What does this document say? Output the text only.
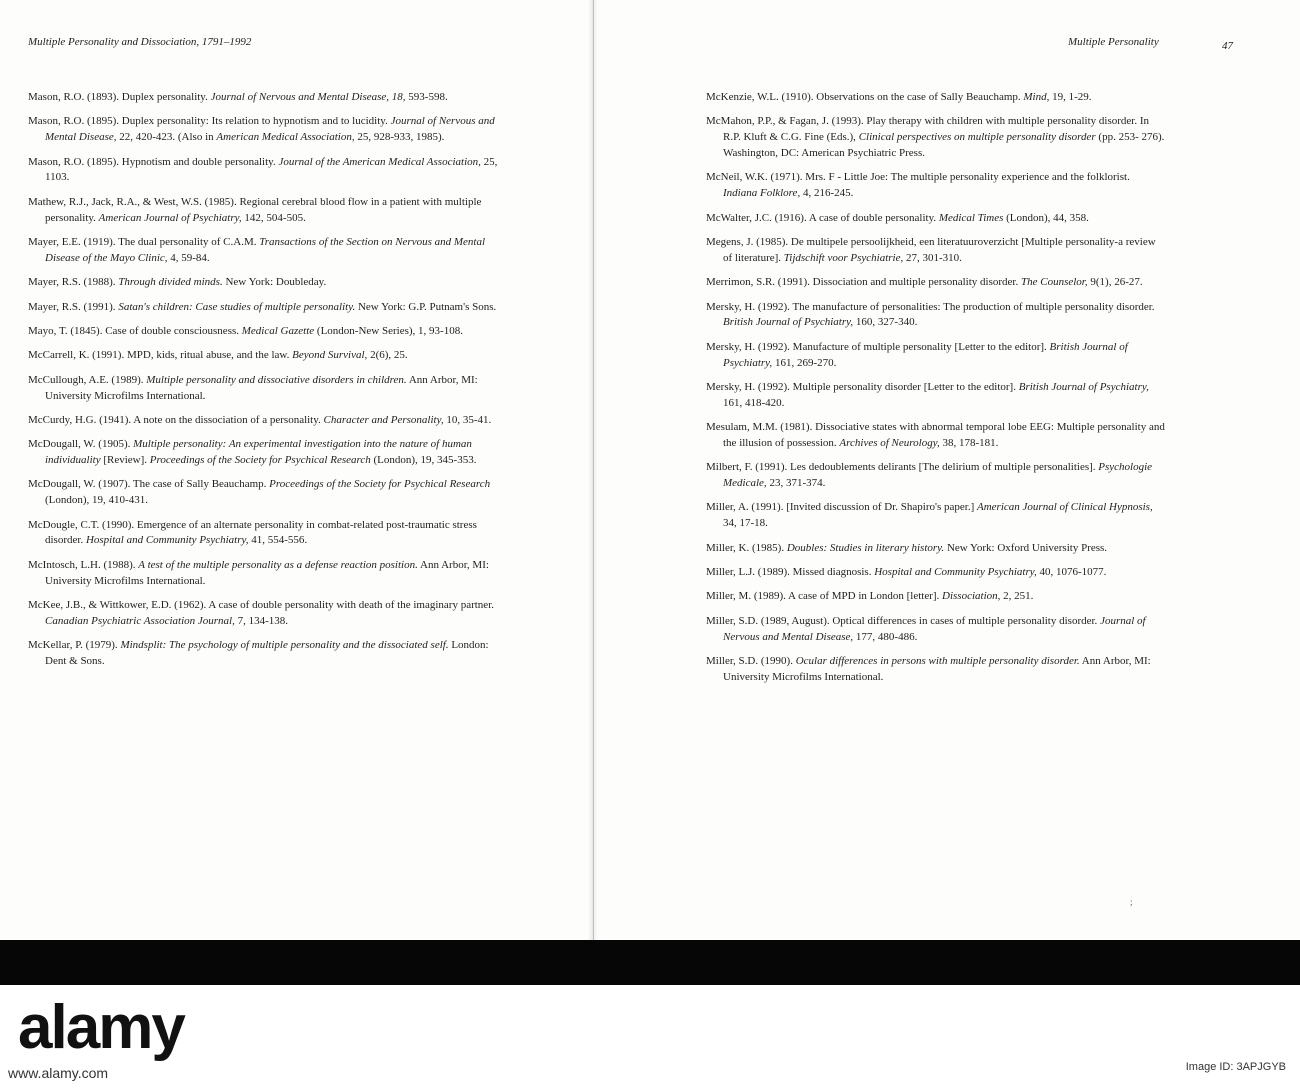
Multiple Personality and Dissociation, 1791–1992
Mason, R.O. (1893). Duplex personality. Journal of Nervous and Mental Disease, 18, 593-598.
Mason, R.O. (1895). Duplex personality: Its relation to hypnotism and to lucidity. Journal of Nervous and Mental Disease, 22, 420-423. (Also in American Medical Association, 25, 928-933, 1985).
Mason, R.O. (1895). Hypnotism and double personality. Journal of the American Medical Association, 25, 1103.
Mathew, R.J., Jack, R.A., & West, W.S. (1985). Regional cerebral blood flow in a patient with multiple personality. American Journal of Psychiatry, 142, 504-505.
Mayer, E.E. (1919). The dual personality of C.A.M. Transactions of the Section on Nervous and Mental Disease of the Mayo Clinic, 4, 59-84.
Mayer, R.S. (1988). Through divided minds. New York: Doubleday.
Mayer, R.S. (1991). Satan's children: Case studies of multiple personality. New York: G.P. Putnam's Sons.
Mayo, T. (1845). Case of double consciousness. Medical Gazette (London-New Series), 1, 93-108.
McCarrell, K. (1991). MPD, kids, ritual abuse, and the law. Beyond Survival, 2(6), 25.
McCullough, A.E. (1989). Multiple personality and dissociative disorders in children. Ann Arbor, MI: University Microfilms International.
McCurdy, H.G. (1941). A note on the dissociation of a personality. Character and Personality, 10, 35-41.
McDougall, W. (1905). Multiple personality: An experimental investigation into the nature of human individuality [Review]. Proceedings of the Society for Psychical Research (London), 19, 345-353.
McDougall, W. (1907). The case of Sally Beauchamp. Proceedings of the Society for Psychical Research (London), 19, 410-431.
McDougle, C.T. (1990). Emergence of an alternate personality in combat-related post-traumatic stress disorder. Hospital and Community Psychiatry, 41, 554-556.
McIntosch, L.H. (1988). A test of the multiple personality as a defense reaction position. Ann Arbor, MI: University Microfilms International.
McKee, J.B., & Wittkower, E.D. (1962). A case of double personality with death of the imaginary partner. Canadian Psychiatric Association Journal, 7, 134-138.
McKellar, P. (1979). Mindsplit: The psychology of multiple personality and the dissociated self. London: Dent & Sons.
Multiple Personality	47
McKenzie, W.L. (1910). Observations on the case of Sally Beauchamp. Mind, 19, 1-29.
McMahon, P.P., & Fagan, J. (1993). Play therapy with children with multiple personality disorder. In R.P. Kluft & C.G. Fine (Eds.), Clinical perspectives on multiple personality disorder (pp. 253- 276). Washington, DC: American Psychiatric Press.
McNeil, W.K. (1971). Mrs. F - Little Joe: The multiple personality experience and the folklorist. Indiana Folklore, 4, 216-245.
McWalter, J.C. (1916). A case of double personality. Medical Times (London), 44, 358.
Megens, J. (1985). De multipele persoolijkheid, een literatuuroverzicht [Multiple personality-a review of literature]. Tijdschift voor Psychiatrie, 27, 301-310.
Merrimon, S.R. (1991). Dissociation and multiple personality disorder. The Counselor, 9(1), 26-27.
Mersky, H. (1992). The manufacture of personalities: The production of multiple personality disorder. British Journal of Psychiatry, 160, 327-340.
Mersky, H. (1992). Manufacture of multiple personality [Letter to the editor]. British Journal of Psychiatry, 161, 269-270.
Mersky, H. (1992). Multiple personality disorder [Letter to the editor]. British Journal of Psychiatry, 161, 418-420.
Mesulam, M.M. (1981). Dissociative states with abnormal temporal lobe EEG: Multiple personality and the illusion of possession. Archives of Neurology, 38, 178-181.
Milbert, F. (1991). Les dedoublements delirants [The delirium of multiple personalities]. Psychologie Medicale, 23, 371-374.
Miller, A. (1991). [Invited discussion of Dr. Shapiro's paper.] American Journal of Clinical Hypnosis, 34, 17-18.
Miller, K. (1985). Doubles: Studies in literary history. New York: Oxford University Press.
Miller, L.J. (1989). Missed diagnosis. Hospital and Community Psychiatry, 40, 1076-1077.
Miller, M. (1989). A case of MPD in London [letter]. Dissociation, 2, 251.
Miller, S.D. (1989, August). Optical differences in cases of multiple personality disorder. Journal of Nervous and Mental Disease, 177, 480-486.
Miller, S.D. (1990). Ocular differences in persons with multiple personality disorder. Ann Arbor, MI: University Microfilms International.
;
alamy
www.alamy.com	Image ID: 3APJGYB
